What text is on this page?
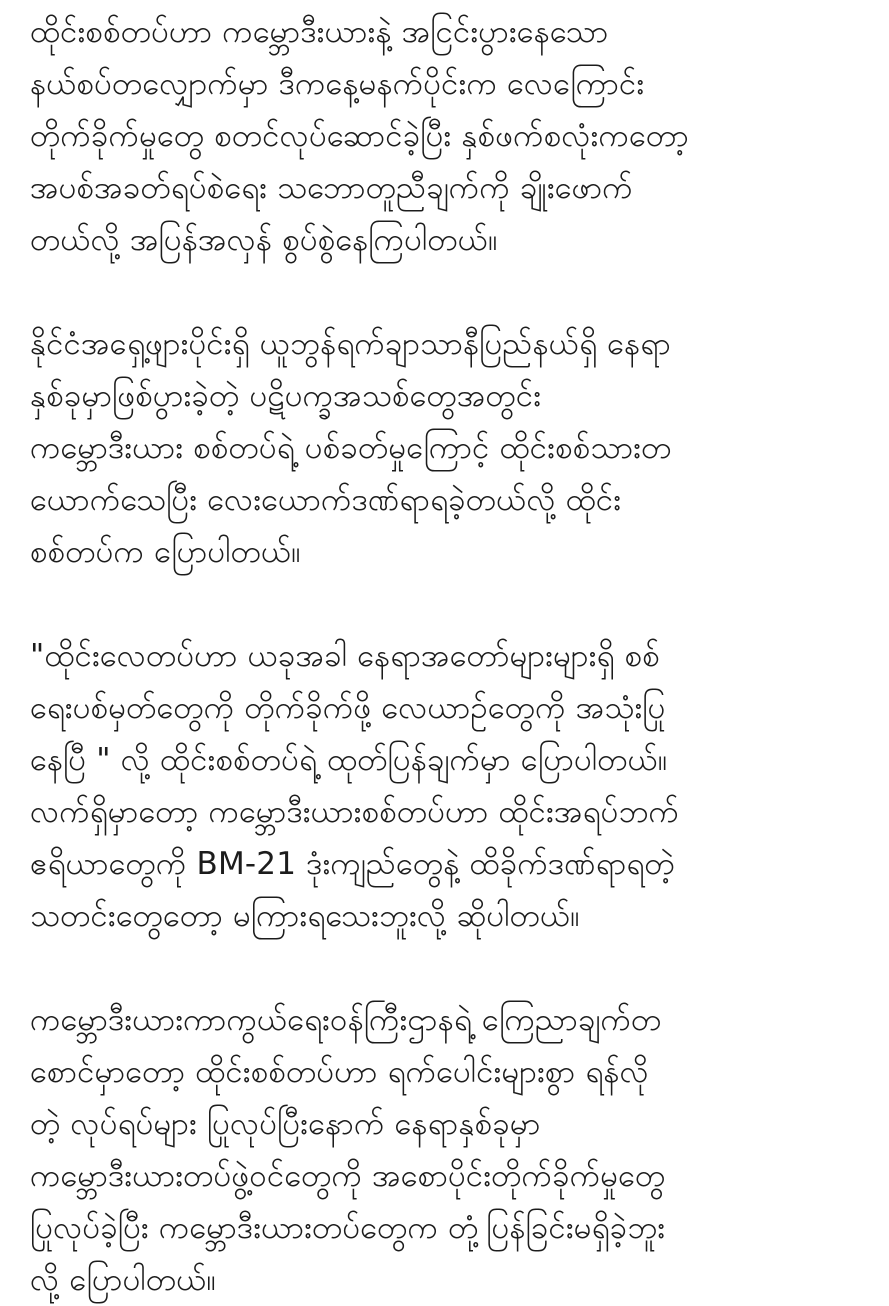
ထိုင်းစစ်တပ်ဟာ ကမ္ဘောဒီးယားနဲ့ အငြင်းပွားနေသော
နယ်စပ်တလျှောက်မှာ ဒီကနေ့မနက်ပိုင်းက လေကြောင်း
တိုက်ခိုက်မှုတွေ စတင်လုပ်ဆောင်ခဲ့ပြီး နှစ်ဖက်စလုံးကတော့
အပစ်အခတ်ရပ်စဲရေး သဘောတူညီချက်ကို ချိုးဖောက်
တယ်လို့ အပြန်အလှန် စွပ်စွဲနေကြပါတယ်။
နိုင်ငံအရှေ့ဖျားပိုင်းရှိ ယူဘွန်ရက်ချာသာနီပြည်နယ်ရှိ နေရာ
နှစ်ခုမှာဖြစ်ပွားခဲ့တဲ့ ပဋိပက္ခအသစ်တွေအတွင်း
ကမ္ဘောဒီးယား စစ်တပ်ရဲ့ ပစ်ခတ်မှုကြောင့် ထိုင်းစစ်သားတ
ယောက်သေပြီး လေးယောက်ဒဏ်ရာရခဲ့တယ်လို့ ထိုင်း
စစ်တပ်က ပြောပါတယ်။
"ထိုင်းလေတပ်ဟာ ယခုအခါ နေရာအတော်များများရှိ စစ်
ရေးပစ်မှတ်တွေကို တိုက်ခိုက်ဖို့ လေယာဉ်တွေကို အသုံးပြု
နေပြီ " လို့ ထိုင်းစစ်တပ်ရဲ့ ထုတ်ပြန်ချက်မှာ ပြောပါတယ်။
လက်ရှိမှာတော့ ကမ္ဘောဒီးယားစစ်တပ်ဟာ ထိုင်းအရပ်ဘက်
ဧရိယာတွေကို BM-21 ဒုံးကျည်တွေနဲ့ ထိခိုက်ဒဏ်ရာရတဲ့
သတင်းတွေတော့ မကြားရသေးဘူးလို့ ဆိုပါတယ်။
ကမ္ဘောဒီးယားကာကွယ်ရေးဝန်ကြီးဌာနရဲ့ ကြေညာချက်တ
စောင်မှာတော့ ထိုင်းစစ်တပ်ဟာ ရက်ပေါင်းများစွာ ရန်လို
တဲ့ လုပ်ရပ်များ ပြုလုပ်ပြီးနောက် နေရာနှစ်ခုမှာ
ကမ္ဘောဒီးယားတပ်ဖွဲ့ဝင်တွေကို အစောပိုင်းတိုက်ခိုက်မှုတွေ
ပြုလုပ်ခဲ့ပြီး ကမ္ဘောဒီးယားတပ်တွေက တုံ့ပြန်ခြင်းမရှိခဲ့ဘူး
လို့ ပြောပါတယ်။
